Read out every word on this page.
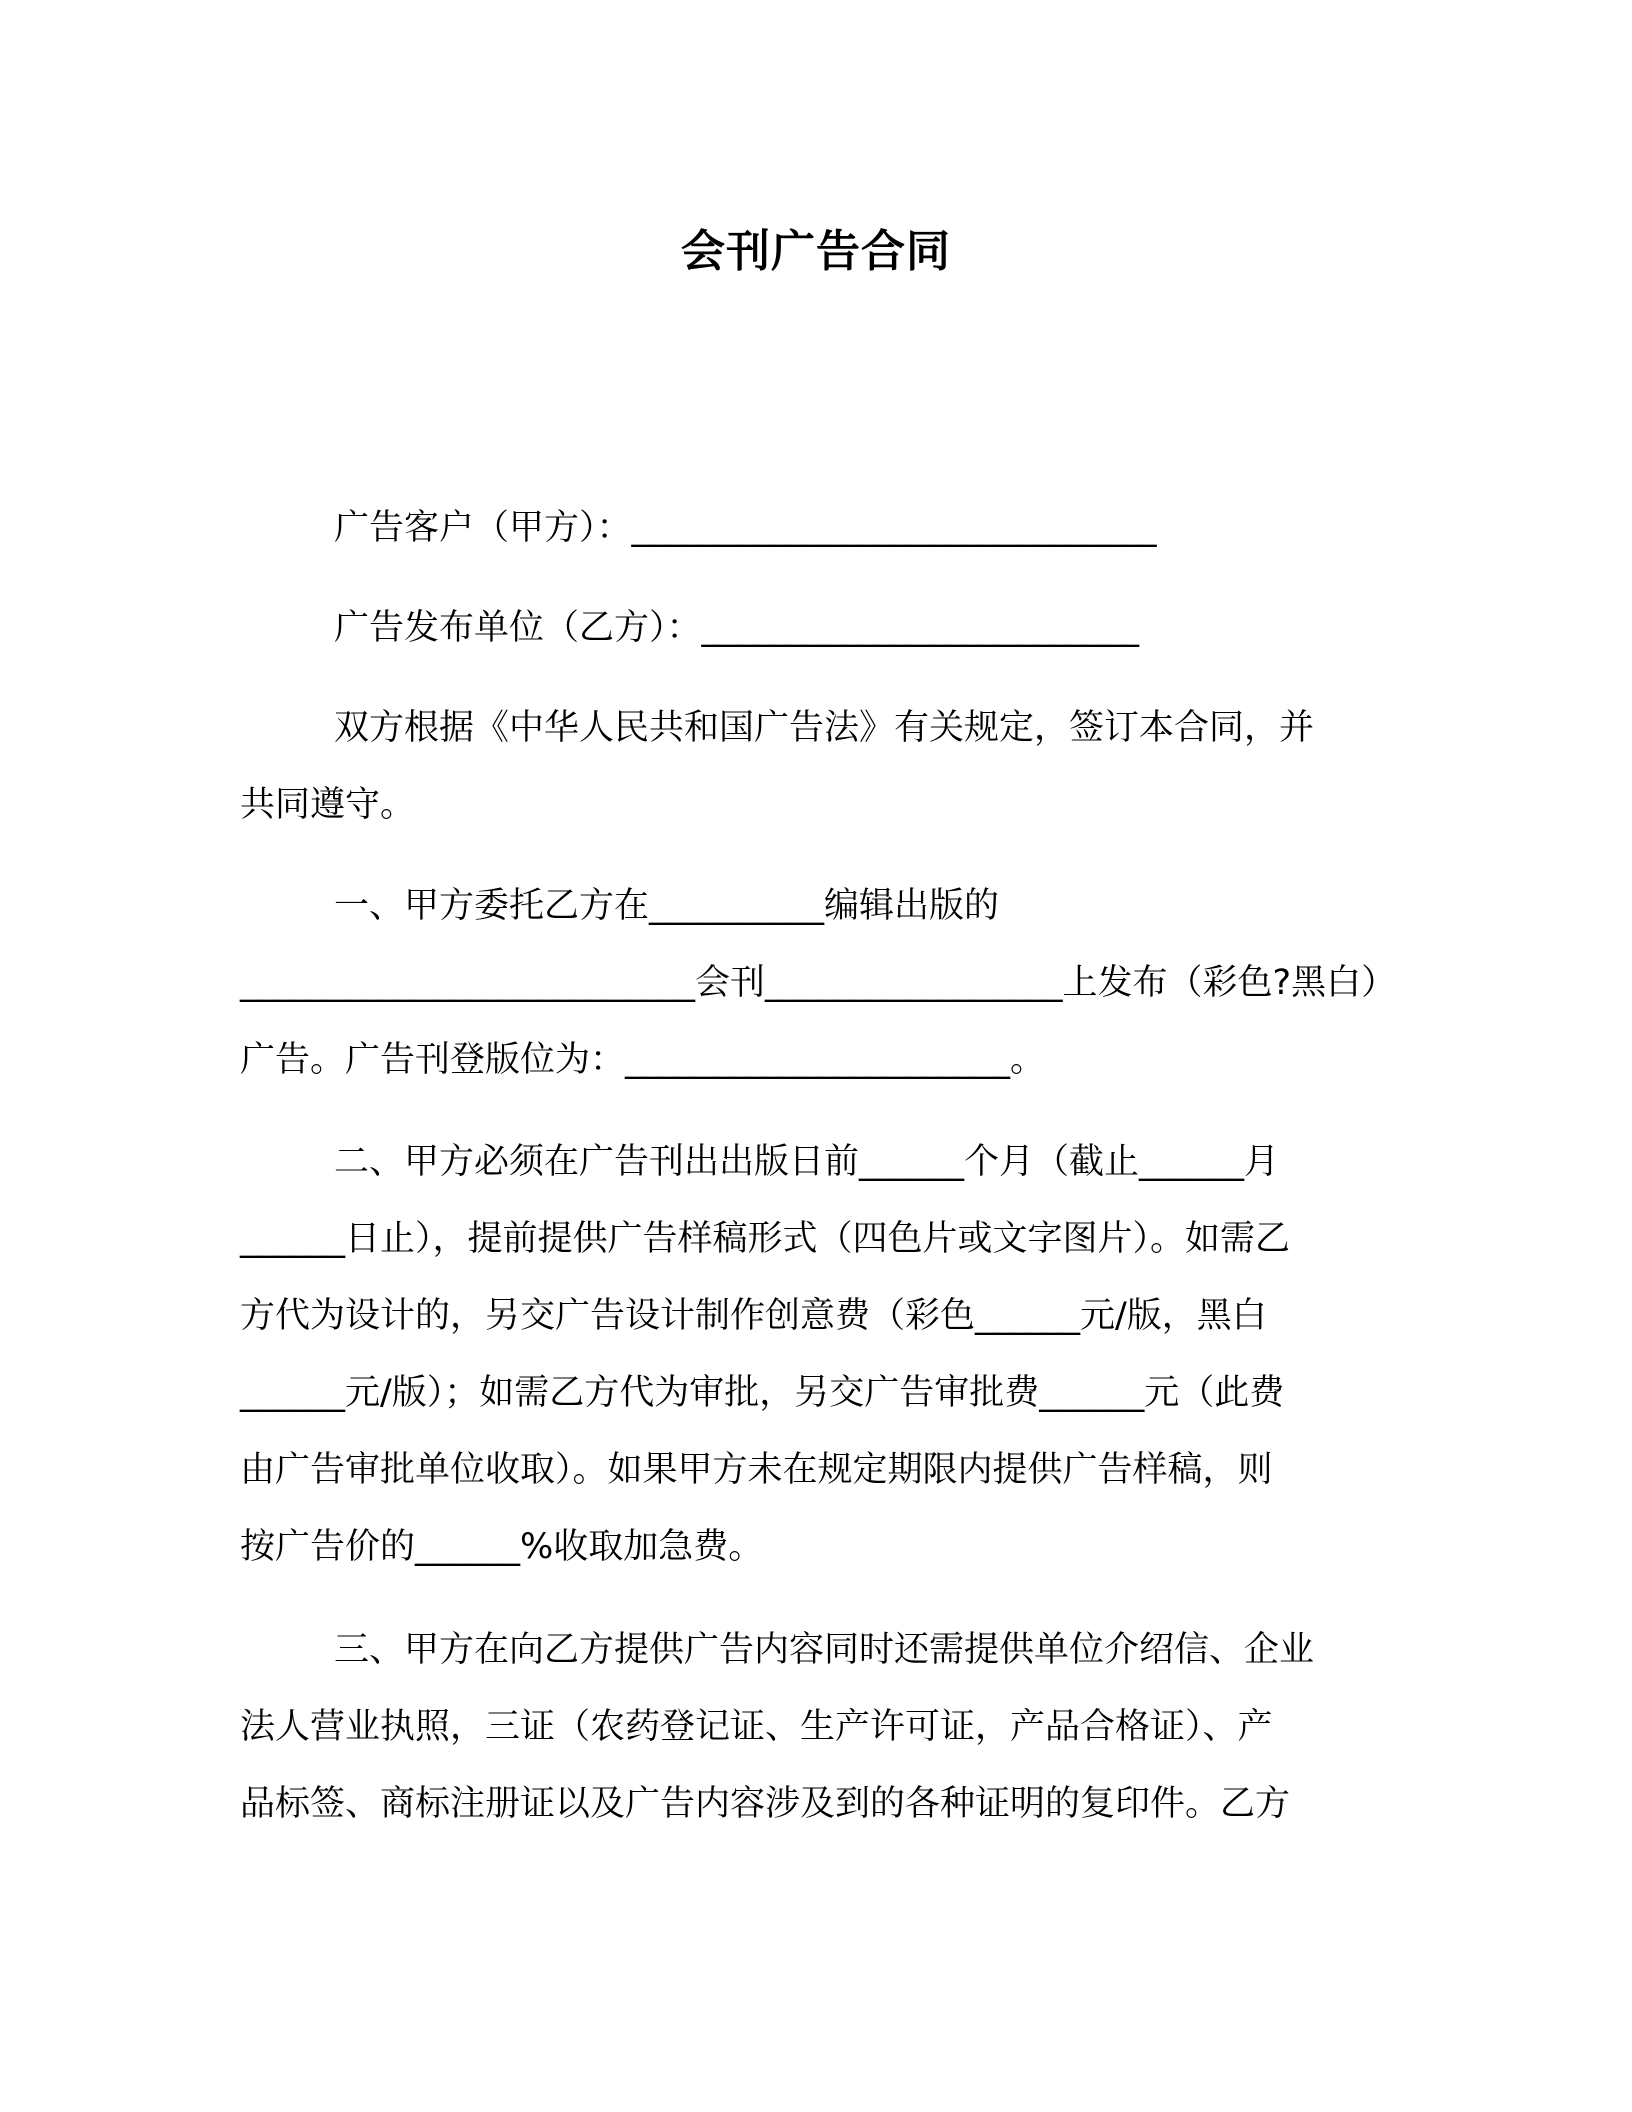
会刊广告合同
广告客户（甲方）：______________________________
广告发布单位（乙方）：_________________________
双方根据《中华人民共和国广告法》有关规定，签订本合同，并
共同遵守。
一、甲方委托乙方在__________编辑出版的
__________________________会刊_________________上发布（彩色?黑白）
广告。广告刊登版位为：______________________。
二、甲方必须在广告刊出出版日前______个月（截止______月
______日止），提前提供广告样稿形式（四色片或文字图片）。如需乙
方代为设计的，另交广告设计制作创意费（彩色______元/版，黑白
______元/版）；如需乙方代为审批，另交广告审批费______元（此费
由广告审批单位收取）。如果甲方未在规定期限内提供广告样稿，则
按广告价的______%收取加急费。
三、甲方在向乙方提供广告内容同时还需提供单位介绍信、企业
法人营业执照，三证（农药登记证、生产许可证，产品合格证）、产
品标签、商标注册证以及广告内容涉及到的各种证明的复印件。乙方
